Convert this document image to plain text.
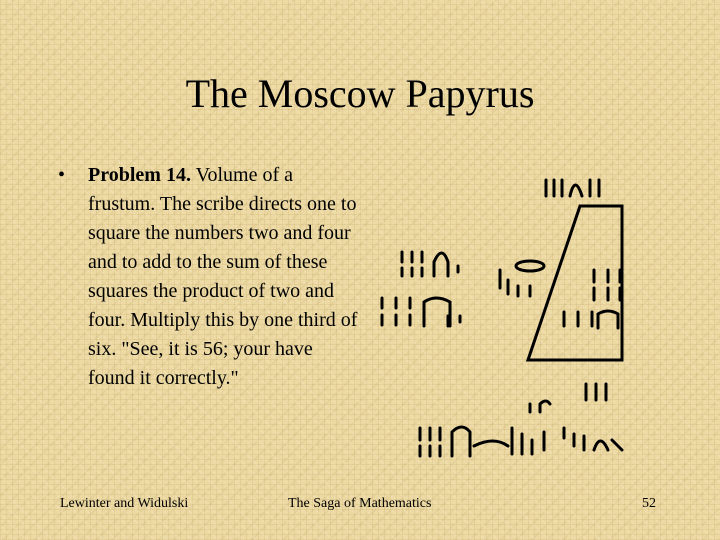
The Moscow Papyrus
• Problem 14. Volume of a frustum. The scribe directs one to square the numbers two and four and to add to the sum of these squares the product of two and four. Multiply this by one third of six. "See, it is 56; your have found it correctly."
Lewinter and Widulski	The Saga of Mathematics	52
